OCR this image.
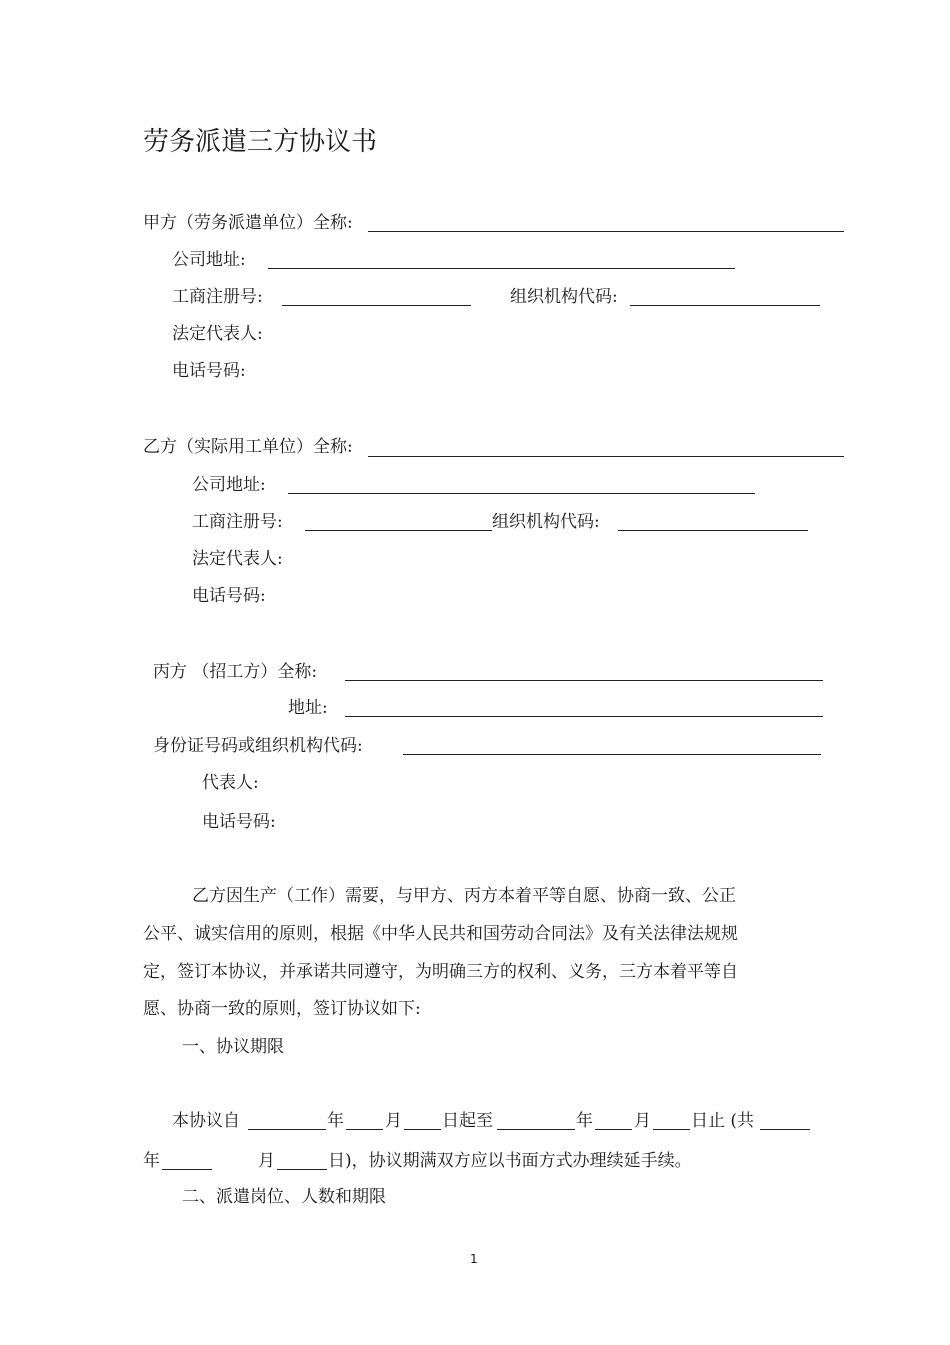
劳务派遣三方协议书
甲方（劳务派遣单位）全称:
公司地址:
工商注册号:	组织机构代码:
法定代表人:
电话号码:
乙方（实际用工单位）全称:
公司地址:
工商注册号:	组织机构代码:
法定代表人:
电话号码:
丙方 （招工方）全称:
地址:
身份证号码或组织机构代码:
代表人:
电话号码:
乙方因生产（工作）需要，与甲方、丙方本着平等自愿、协商一致、公正
公平、诚实信用的原则，根据《中华人民共和国劳动合同法》及有关法律法规规
定，签订本协议，并承诺共同遵守，为明确三方的权利、义务，三方本着平等自
愿、协商一致的原则，签订协议如下:
一、协议期限
本协议自	年 月 日起至	年 月 日止 (共
年	月	日)，协议期满双方应以书面方式办理续延手续。
二、派遣岗位、人数和期限
1
